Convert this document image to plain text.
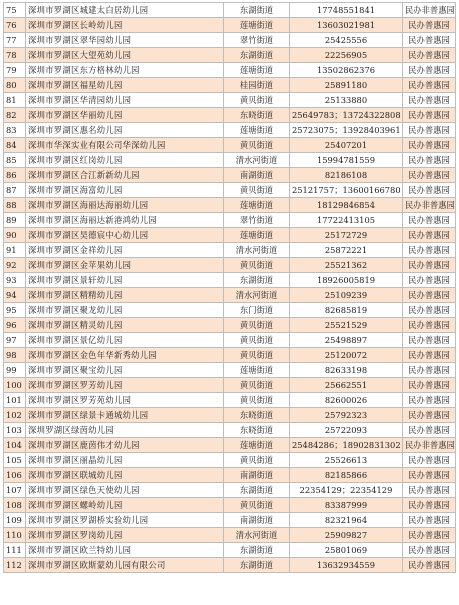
75	深圳市罗湖区城建太白居幼儿园	东湖街道	17748551841	民办非普惠园
76	深圳市罗湖区长岭幼儿园	莲塘街道	13603021981	民办普惠园
77	深圳市罗湖区翠华园幼儿园	翠竹街道	25425556	民办普惠园
78	深圳市罗湖区大望苑幼儿园	东湖街道	22256905	民办普惠园
79	深圳市罗湖区东方格林幼儿园	莲塘街道	13502862376	民办普惠园
80	深圳市罗湖区福星幼儿园	桂园街道	25891180	民办普惠园
81	深圳市罗湖区华清园幼儿园	黄贝街道	25133880	民办普惠园
82	深圳市罗湖区华丽幼儿园	东晓街道	25649783；13724322808	民办普惠园
83	深圳市罗湖区惠名幼儿园	莲塘街道	25723075；13928403961	民办普惠园
84	深圳市华深实业有限公司华深幼儿园	黄贝街道	25407201	民办普惠园
85	深圳市罗湖区红岗幼儿园	清水河街道	15994781559	民办普惠园
86	深圳市罗湖区合江新新幼儿园	南湖街道	82186108	民办普惠园
87	深圳市罗湖区海富幼儿园	黄贝街道	25121757；13600166780	民办普惠园
88	深圳市罗湖区海丽达海丽幼儿园	莲塘街道	18129846854	民办非普惠园
89	深圳市罗湖区海丽达新港鸿幼儿园	翠竹街道	17722413105	民办普惠园
90	深圳市罗湖区昊德宸中心幼儿园	莲塘街道	25172729	民办普惠园
91	深圳市罗湖区金祥幼儿园	清水河街道	25872221	民办普惠园
92	深圳市罗湖区金苹果幼儿园	黄贝街道	25521362	民办普惠园
93	深圳市罗湖区景轩幼儿园	东湖街道	18926005819	民办普惠园
94	深圳市罗湖区精精幼儿园	清水河街道	25109239	民办普惠园
95	深圳市罗湖区聚龙幼儿园	东门街道	82685819	民办普惠园
96	深圳市罗湖区精灵幼儿园	黄贝街道	25521529	民办普惠园
97	深圳市罗湖区景亿幼儿园	黄贝街道	25498897	民办普惠园
98	深圳市罗湖区金色年华新秀幼儿园	黄贝街道	25120072	民办普惠园
99	深圳市罗湖区聚宝幼儿园	莲塘街道	82633198	民办普惠园
100	深圳市罗湖区罗芳幼儿园	黄贝街道	25662551	民办普惠园
101	深圳市罗湖区罗芳苑幼儿园	黄贝街道	82600026	民办普惠园
102	深圳市罗湖区绿景卡通城幼儿园	东晓街道	25792323	民办普惠园
103	深圳罗湖区绿茵幼儿园	东晓街道	25722093	民办普惠园
104	深圳市罗湖区鹿茵伟才幼儿园	莲塘街道	25484286；18902831302	民办非普惠园
105	深圳市罗湖区丽晶幼儿园	黄贝街道	25526613	民办普惠园
106	深圳市罗湖区联城幼儿园	南湖街道	82185866	民办普惠园
107	深圳市罗湖区绿色天使幼儿园	东湖街道	22354129；22354129	民办普惠园
108	深圳市罗湖区螺岭幼儿园	黄贝街道	83387999	民办普惠园
109	深圳市罗湖区罗湖桥实验幼儿园	南湖街道	82321964	民办普惠园
110	深圳市罗湖区罗岗幼儿园	清水河街道	25909827	民办普惠园
111	深圳市罗湖区欧兰特幼儿园	东湖街道	25801069	民办普惠园
112	深圳市罗湖区欧斯蒙幼儿园有限公司	东湖街道	13632934559	民办普惠园
